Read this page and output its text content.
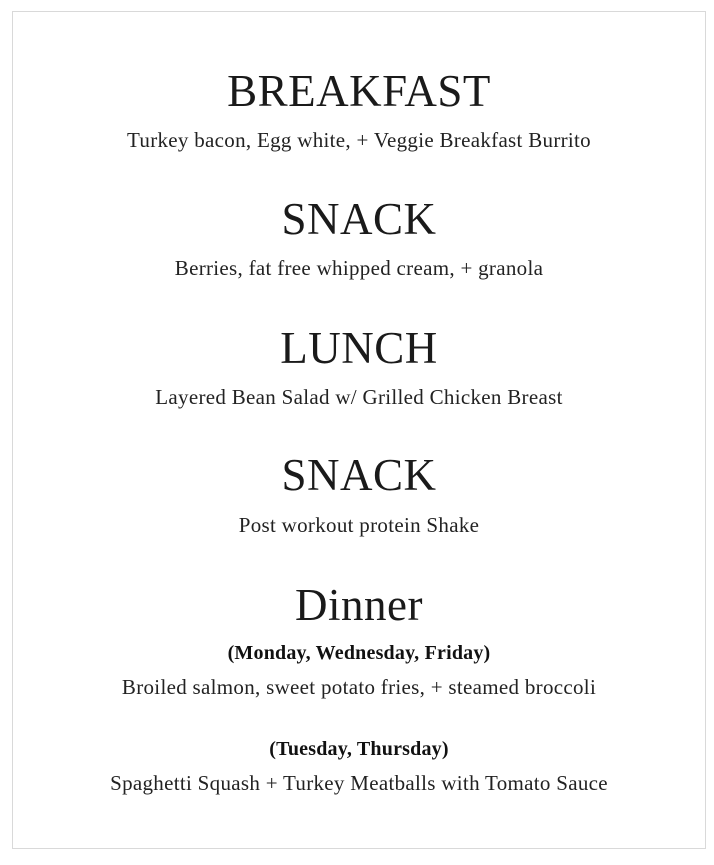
BREAKFAST
Turkey bacon, Egg white, + Veggie Breakfast Burrito
SNACK
Berries, fat free whipped cream, + granola
LUNCH
Layered Bean Salad w/ Grilled Chicken Breast
SNACK
Post workout protein Shake
Dinner
(Monday, Wednesday, Friday)
Broiled salmon, sweet potato fries, + steamed broccoli
(Tuesday, Thursday)
Spaghetti Squash + Turkey Meatballs with Tomato Sauce
